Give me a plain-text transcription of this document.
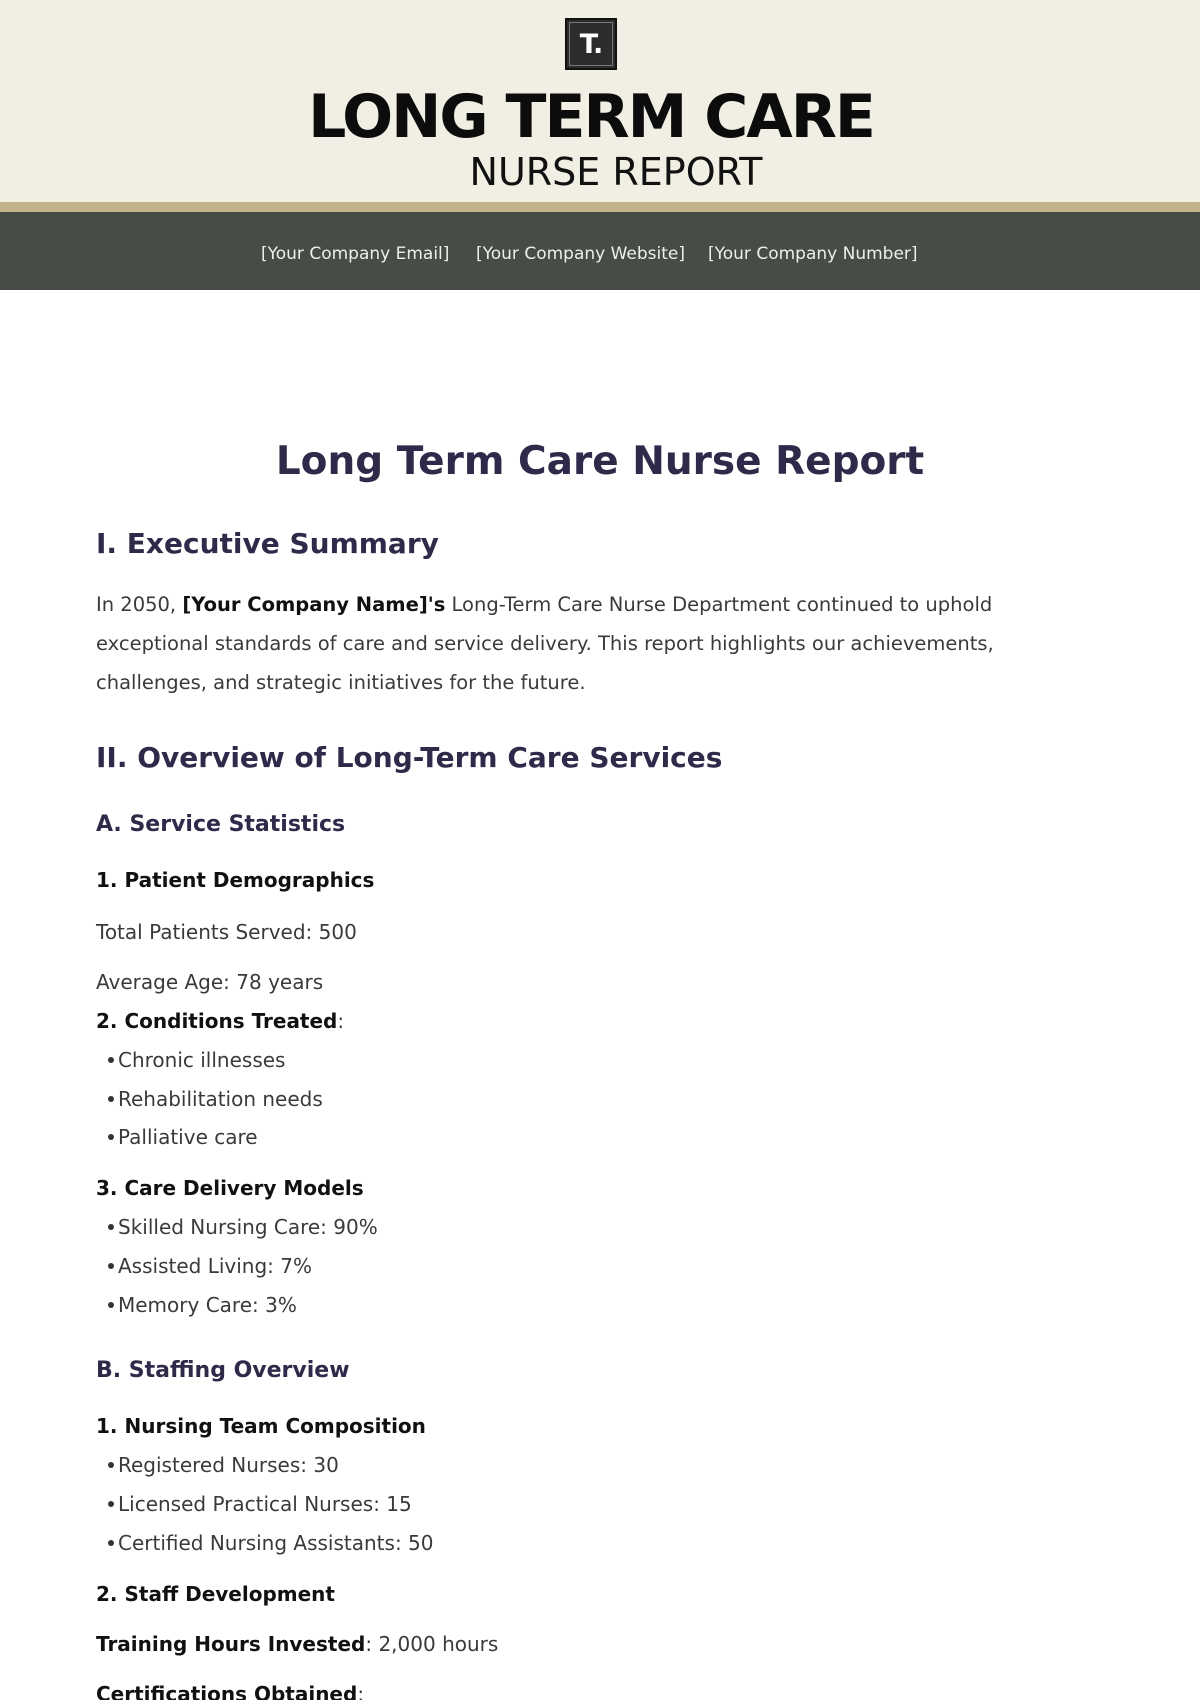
T.
LONG TERM CARE
NURSE REPORT
[Your Company Email] [Your Company Website] [Your Company Number]
Long Term Care Nurse Report
I. Executive Summary
In 2050, [Your Company Name]'s Long-Term Care Nurse Department continued to uphold exceptional standards of care and service delivery. This report highlights our achievements, challenges, and strategic initiatives for the future.
II. Overview of Long-Term Care Services
A. Service Statistics
1. Patient Demographics
Total Patients Served: 500
Average Age: 78 years
2. Conditions Treated:
Chronic illnesses
Rehabilitation needs
Palliative care
3. Care Delivery Models
Skilled Nursing Care: 90%
Assisted Living: 7%
Memory Care: 3%
B. Staffing Overview
1. Nursing Team Composition
Registered Nurses: 30
Licensed Practical Nurses: 15
Certified Nursing Assistants: 50
2. Staff Development
Training Hours Invested: 2,000 hours
Certifications Obtained:
